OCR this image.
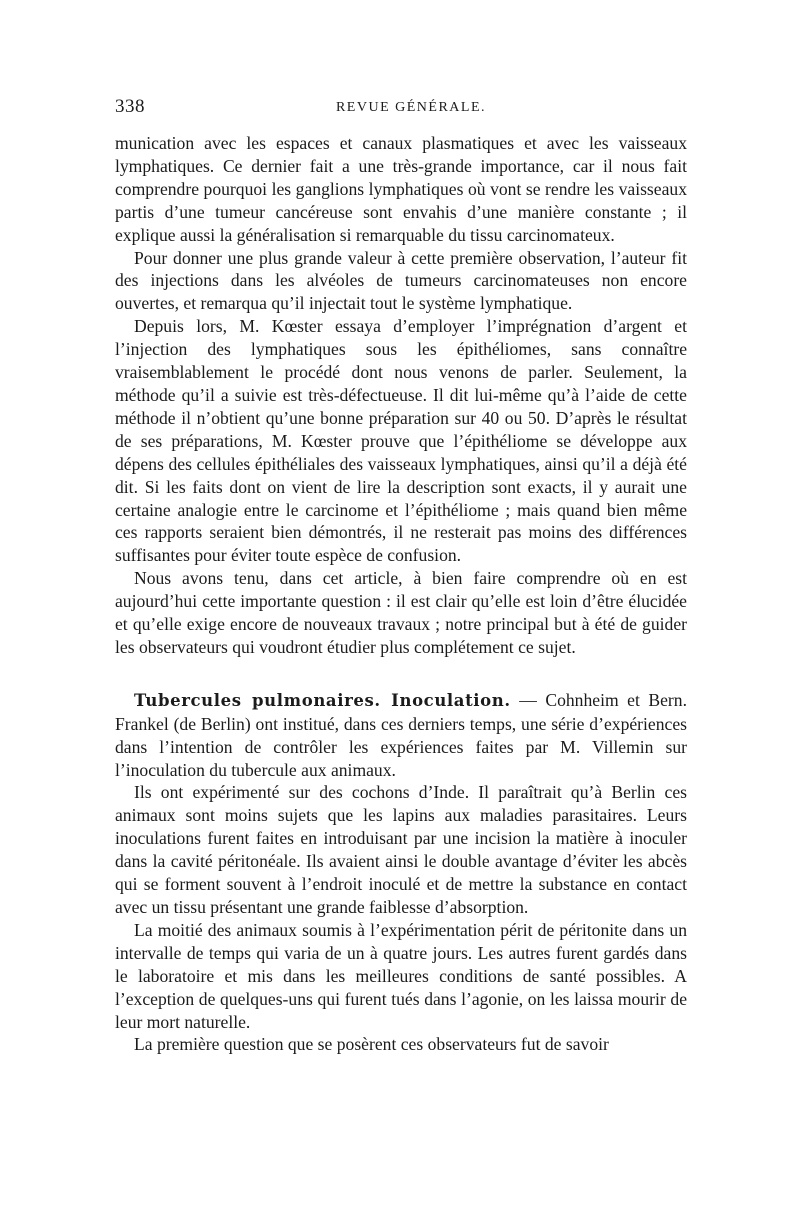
338	REVUE GÉNÉRALE.

munication avec les espaces et canaux plasmatiques et avec les vaisseaux lymphatiques. Ce dernier fait a une très-grande importance, car il nous fait comprendre pourquoi les ganglions lymphatiques où vont se rendre les vaisseaux partis d’une tumeur cancéreuse sont envahis d’une manière constante ; il explique aussi la généralisation si remarquable du tissu carcinomateux.

Pour donner une plus grande valeur à cette première observation, l’auteur fit des injections dans les alvéoles de tumeurs carcinomateuses non encore ouvertes, et remarqua qu’il injectait tout le système lymphatique.

Depuis lors, M. Kœster essaya d’employer l’imprégnation d’argent et l’injection des lymphatiques sous les épithéliomes, sans connaître vraisemblablement le procédé dont nous venons de parler. Seulement, la méthode qu’il a suivie est très-défectueuse. Il dit lui-même qu’à l’aide de cette méthode il n’obtient qu’une bonne préparation sur 40 ou 50. D’après le résultat de ses préparations, M. Kœster prouve que l’épithéliome se développe aux dépens des cellules épithéliales des vaisseaux lymphatiques, ainsi qu’il a déjà été dit. Si les faits dont on vient de lire la description sont exacts, il y aurait une certaine analogie entre le carcinome et l’épithéliome ; mais quand bien même ces rapports seraient bien démontrés, il ne resterait pas moins des différences suffisantes pour éviter toute espèce de confusion.

Nous avons tenu, dans cet article, à bien faire comprendre où en est aujourd’hui cette importante question : il est clair qu’elle est loin d’être élucidée et qu’elle exige encore de nouveaux travaux ; notre principal but à été de guider les observateurs qui voudront étudier plus complétement ce sujet.

Tubercules pulmonaires. Inoculation. — Cohnheim et Bern. Frankel (de Berlin) ont institué, dans ces derniers temps, une série d’expériences dans l’intention de contrôler les expériences faites par M. Villemin sur l’inoculation du tubercule aux animaux.

Ils ont expérimenté sur des cochons d’Inde. Il paraîtrait qu’à Berlin ces animaux sont moins sujets que les lapins aux maladies parasitaires. Leurs inoculations furent faites en introduisant par une incision la matière à inoculer dans la cavité péritonéale. Ils avaient ainsi le double avantage d’éviter les abcès qui se forment souvent à l’endroit inoculé et de mettre la substance en contact avec un tissu présentant une grande faiblesse d’absorption.

La moitié des animaux soumis à l’expérimentation périt de péritonite dans un intervalle de temps qui varia de un à quatre jours. Les autres furent gardés dans le laboratoire et mis dans les meilleures conditions de santé possibles. A l’exception de quelques-uns qui furent tués dans l’agonie, on les laissa mourir de leur mort naturelle.

La première question que se posèrent ces observateurs fut de savoir
